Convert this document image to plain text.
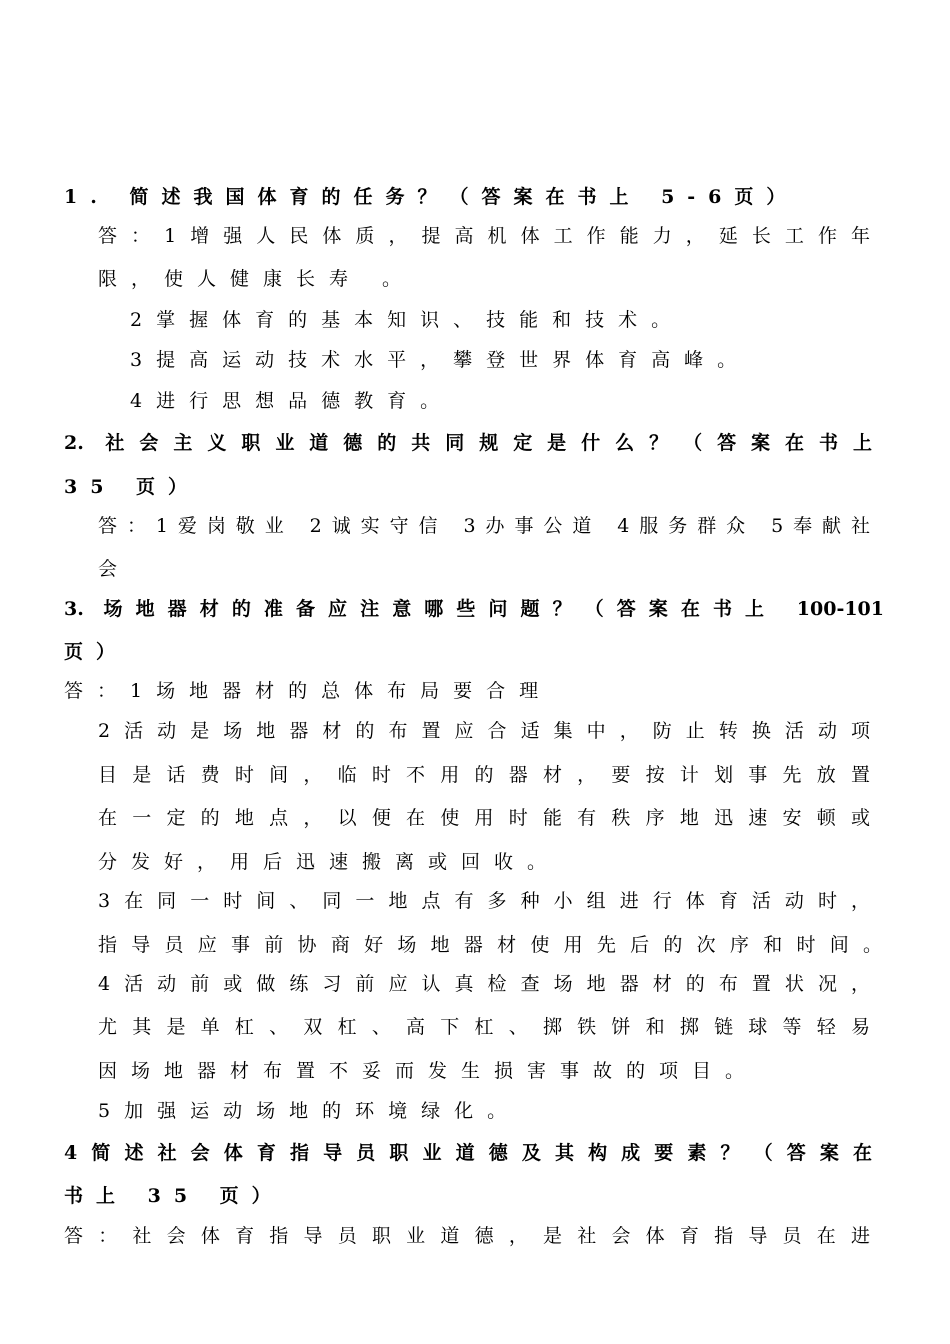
1. 简述我国体育的任务？（答案在书上 5-6页）
答：1增强人民体质，提高机体工作能力，延长工作年
限，使人健康长寿 。
2掌握体育的基本知识、技能和技术。
3提高运动技术水平，攀登世界体育高峰。
4进行思想品德教育。
2. 社会主义职业道德的共同规定是什么？（答案在书上
35 页）
答：1爱岗敬业 2诚实守信 3办事公道 4服务群众 5奉献社
会
3. 场地器材的准备应注意哪些问题？（答案在书上 100-101
页）
答：1场地器材的总体布局要合理
2活动是场地器材的布置应合适集中，防止转换活动项
目是话费时间，临时不用的器材，要按计划事先放置
在一定的地点，以便在使用时能有秩序地迅速安顿或
分发好，用后迅速搬离或回收。
3在同一时间、同一地点有多种小组进行体育活动时，
指导员应事前协商好场地器材使用先后的次序和时间。
4活动前或做练习前应认真检查场地器材的布置状况，
尤其是单杠、双杠、高下杠、掷铁饼和掷链球等轻易
因场地器材布置不妥而发生损害事故的项目。
5加强运动场地的环境绿化。
4简述社会体育指导员职业道德及其构成要素？（答案在
书上 35 页）
答：社会体育指导员职业道德，是社会体育指导员在进
